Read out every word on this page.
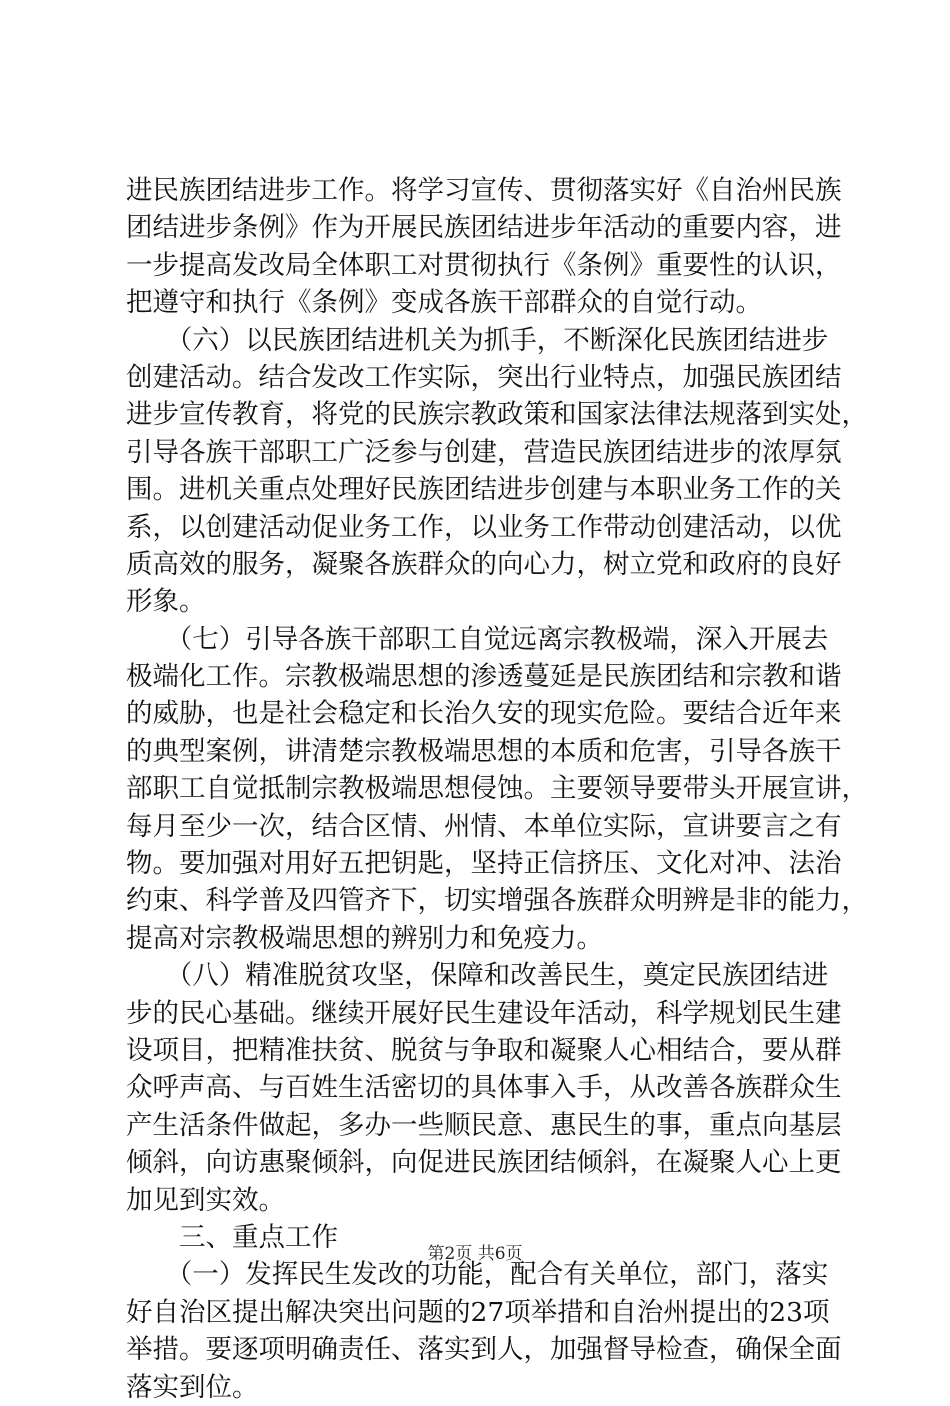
进民族团结进步工作。将学习宣传、贯彻落实好《自治州民族
团结进步条例》作为开展民族团结进步年活动的重要内容，进
一步提高发改局全体职工对贯彻执行《条例》重要性的认识，
把遵守和执行《条例》变成各族干部群众的自觉行动。
　　（六）以民族团结进机关为抓手，不断深化民族团结进步
创建活动。结合发改工作实际，突出行业特点，加强民族团结
进步宣传教育，将党的民族宗教政策和国家法律法规落到实处，
引导各族干部职工广泛参与创建，营造民族团结进步的浓厚氛
围。进机关重点处理好民族团结进步创建与本职业务工作的关
系，以创建活动促业务工作，以业务工作带动创建活动，以优
质高效的服务，凝聚各族群众的向心力，树立党和政府的良好
形象。
　　（七）引导各族干部职工自觉远离宗教极端，深入开展去
极端化工作。宗教极端思想的渗透蔓延是民族团结和宗教和谐
的威胁，也是社会稳定和长治久安的现实危险。要结合近年来
的典型案例，讲清楚宗教极端思想的本质和危害，引导各族干
部职工自觉抵制宗教极端思想侵蚀。主要领导要带头开展宣讲，
每月至少一次，结合区情、州情、本单位实际，宣讲要言之有
物。要加强对用好五把钥匙，坚持正信挤压、文化对冲、法治
约束、科学普及四管齐下，切实增强各族群众明辨是非的能力，
提高对宗教极端思想的辨别力和免疫力。
　　（八）精准脱贫攻坚，保障和改善民生，奠定民族团结进
步的民心基础。继续开展好民生建设年活动，科学规划民生建
设项目，把精准扶贫、脱贫与争取和凝聚人心相结合，要从群
众呼声高、与百姓生活密切的具体事入手，从改善各族群众生
产生活条件做起，多办一些顺民意、惠民生的事，重点向基层
倾斜，向访惠聚倾斜，向促进民族团结倾斜，在凝聚人心上更
加见到实效。
　　三、重点工作
　　（一）发挥民生发改的功能，配合有关单位，部门，落实
好自治区提出解决突出问题的27项举措和自治州提出的23项
举措。要逐项明确责任、落实到人，加强督导检查，确保全面
落实到位。
第2页 共6页
